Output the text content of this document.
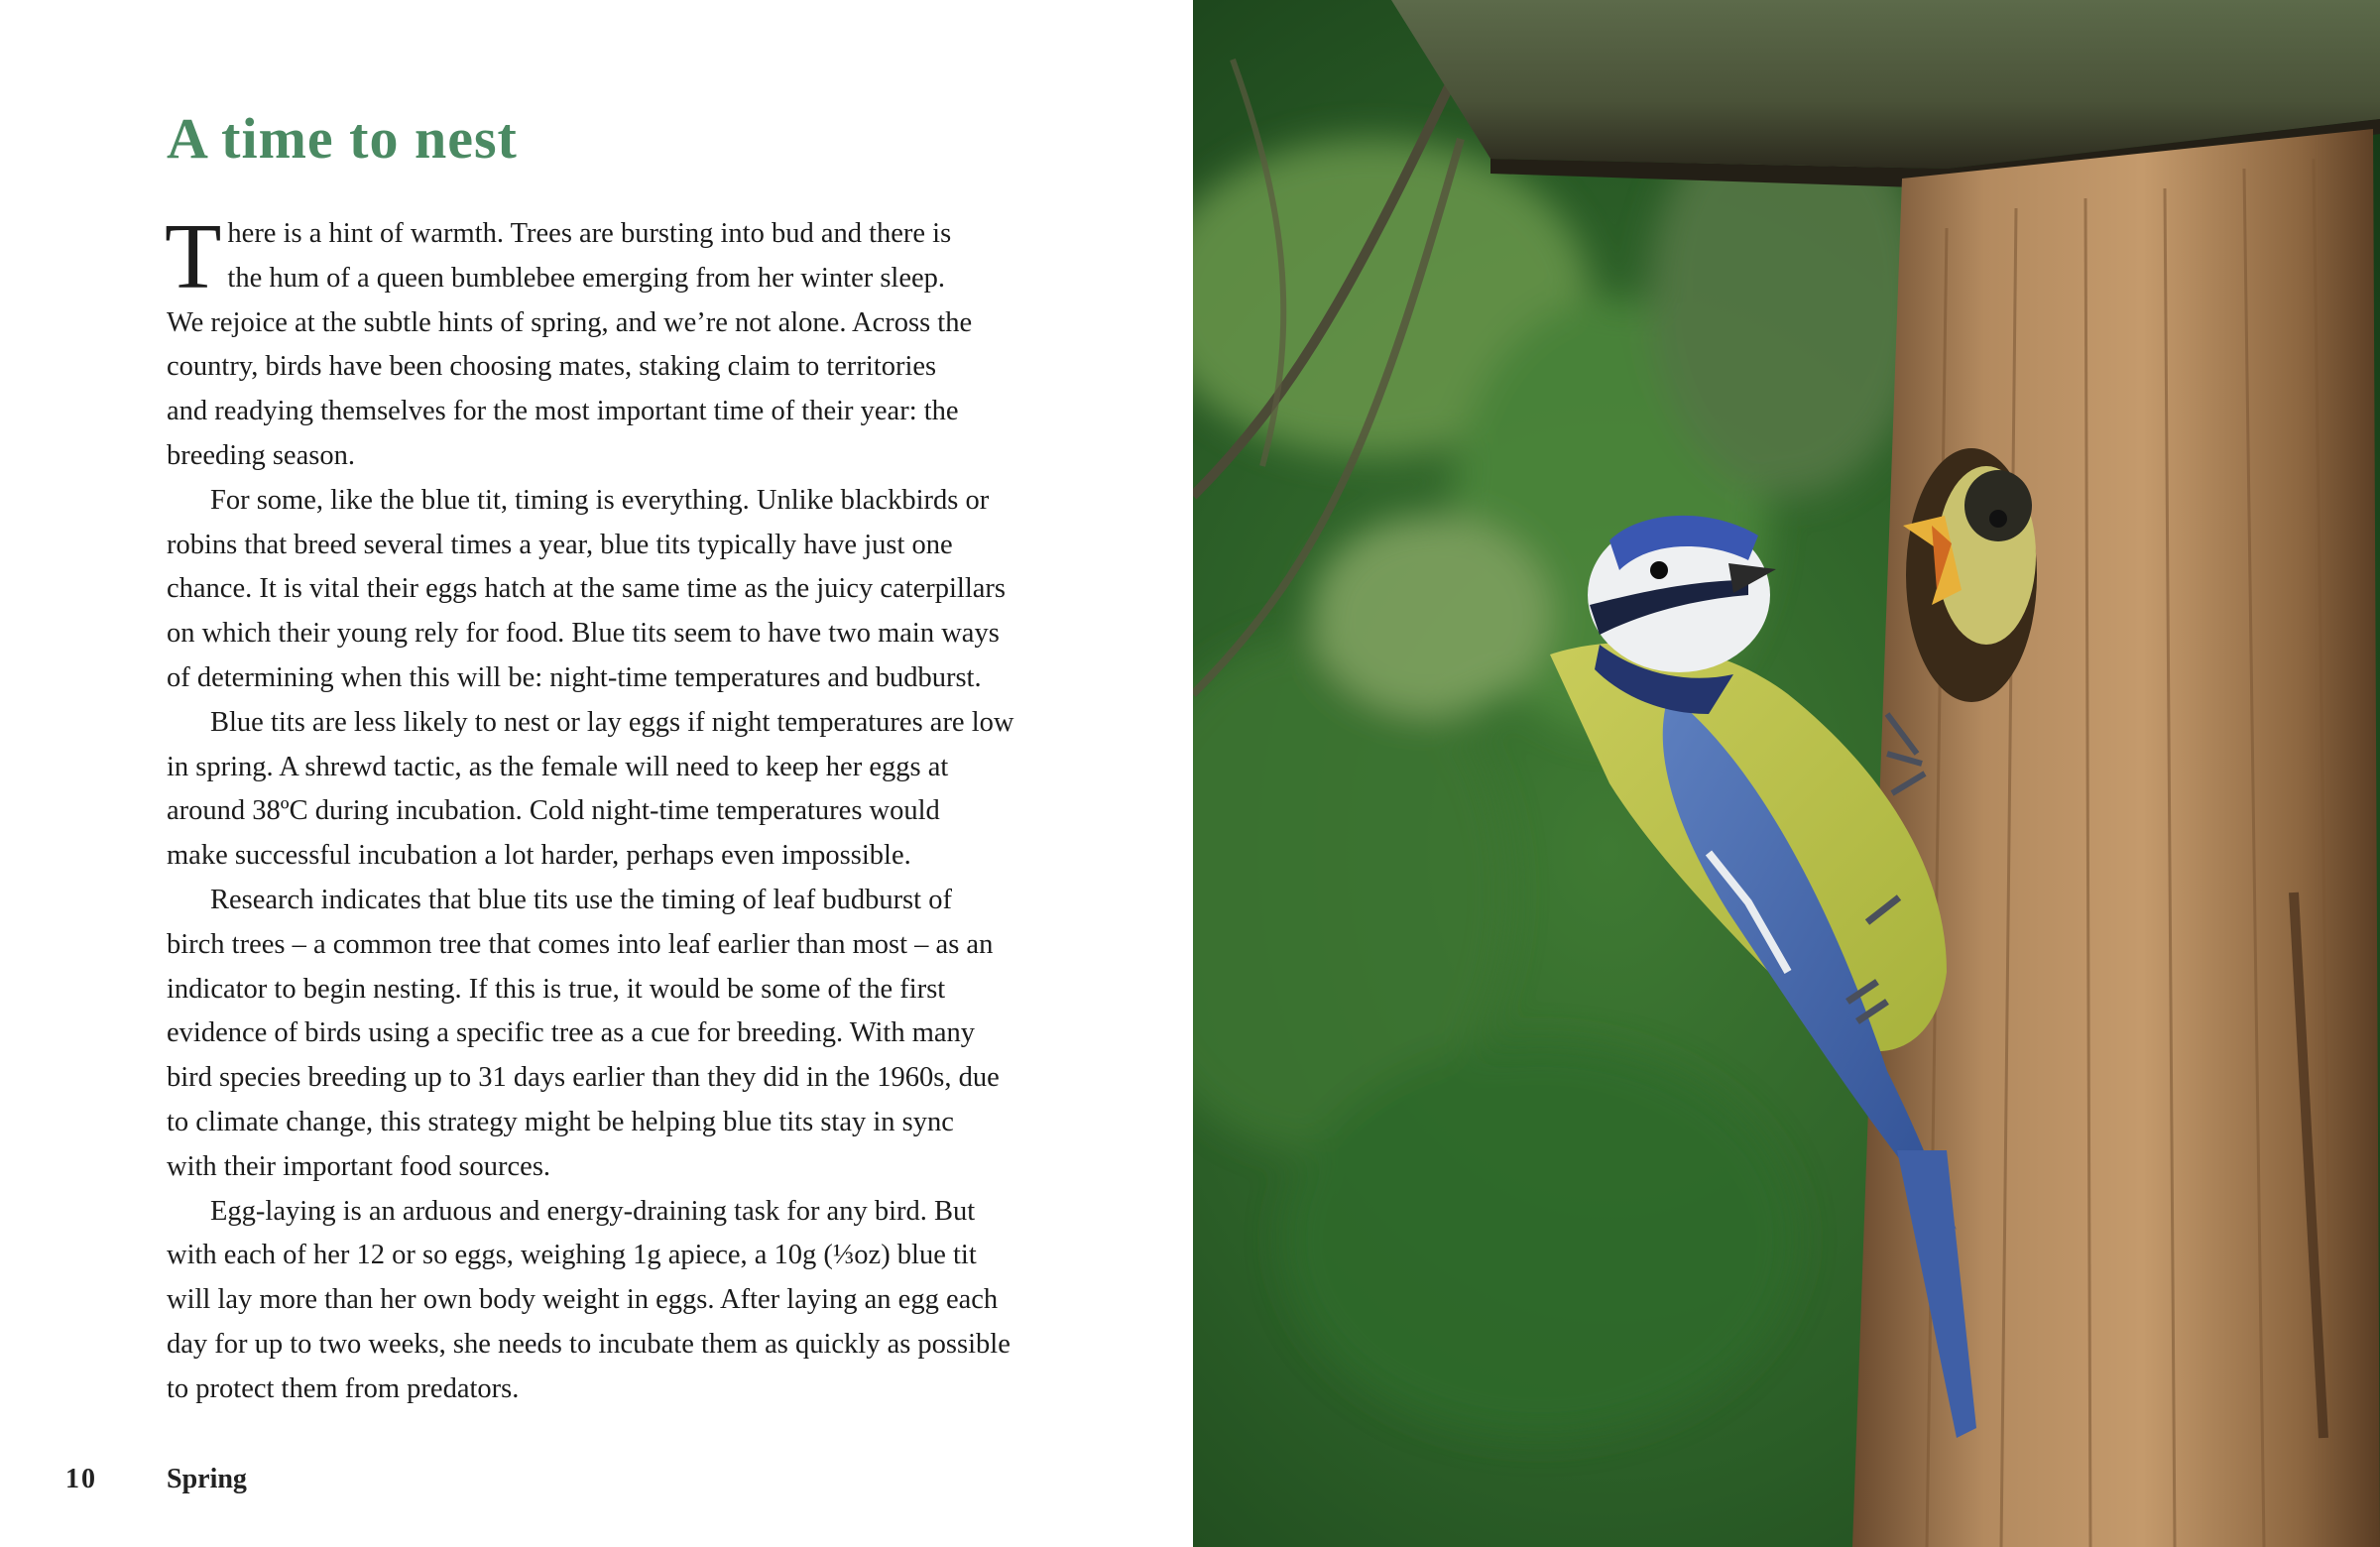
A time to nest

There is a hint of warmth. Trees are bursting into bud and there is
the hum of a queen bumblebee emerging from her winter sleep.
We rejoice at the subtle hints of spring, and we’re not alone. Across the
country, birds have been choosing mates, staking claim to territories
and readying themselves for the most important time of their year: the
breeding season.

For some, like the blue tit, timing is everything. Unlike blackbirds or
robins that breed several times a year, blue tits typically have just one
chance. It is vital their eggs hatch at the same time as the juicy caterpillars
on which their young rely for food. Blue tits seem to have two main ways
of determining when this will be: night-time temperatures and budburst.

Blue tits are less likely to nest or lay eggs if night temperatures are low
in spring. A shrewd tactic, as the female will need to keep her eggs at
around 38ºC during incubation. Cold night-time temperatures would
make successful incubation a lot harder, perhaps even impossible.

Research indicates that blue tits use the timing of leaf budburst of
birch trees – a common tree that comes into leaf earlier than most – as an
indicator to begin nesting. If this is true, it would be some of the first
evidence of birds using a specific tree as a cue for breeding. With many
bird species breeding up to 31 days earlier than they did in the 1960s, due
to climate change, this strategy might be helping blue tits stay in sync
with their important food sources.

Egg-laying is an arduous and energy-draining task for any bird. But
with each of her 12 or so eggs, weighing 1g apiece, a 10g (⅓oz) blue tit
will lay more than her own body weight in eggs. After laying an egg each
day for up to two weeks, she needs to incubate them as quickly as possible
to protect them from predators.

10	Spring
